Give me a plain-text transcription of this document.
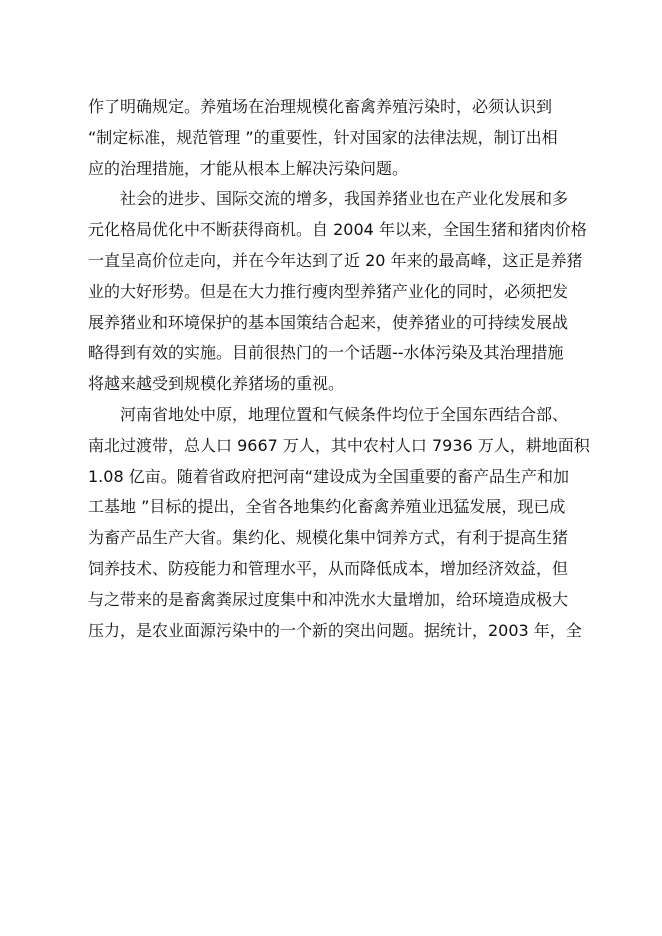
作了明确规定。养殖场在治理规模化畜禽养殖污染时，必须认识到
“制定标准，规范管理 ”的重要性，针对国家的法律法规，制订出相
应的治理措施，才能从根本上解决污染问题。
社会的进步、国际交流的增多，我国养猪业也在产业化发展和多
元化格局优化中不断获得商机。自 2004 年以来，全国生猪和猪肉价格
一直呈高价位走向，并在今年达到了近 20 年来的最高峰，这正是养猪
业的大好形势。但是在大力推行瘦肉型养猪产业化的同时，必须把发
展养猪业和环境保护的基本国策结合起来，使养猪业的可持续发展战
略得到有效的实施。目前很热门的一个话题--水体污染及其治理措施
将越来越受到规模化养猪场的重视。
河南省地处中原，地理位置和气候条件均位于全国东西结合部、
南北过渡带，总人口 9667 万人，其中农村人口 7936 万人，耕地面积
1.08 亿亩。随着省政府把河南“建设成为全国重要的畜产品生产和加
工基地 ”目标的提出，全省各地集约化畜禽养殖业迅猛发展，现已成
为畜产品生产大省。集约化、规模化集中饲养方式，有利于提高生猪
饲养技术、防疫能力和管理水平，从而降低成本，增加经济效益，但
与之带来的是畜禽粪尿过度集中和冲洗水大量增加，给环境造成极大
压力，是农业面源污染中的一个新的突出问题。据统计，2003 年，全
